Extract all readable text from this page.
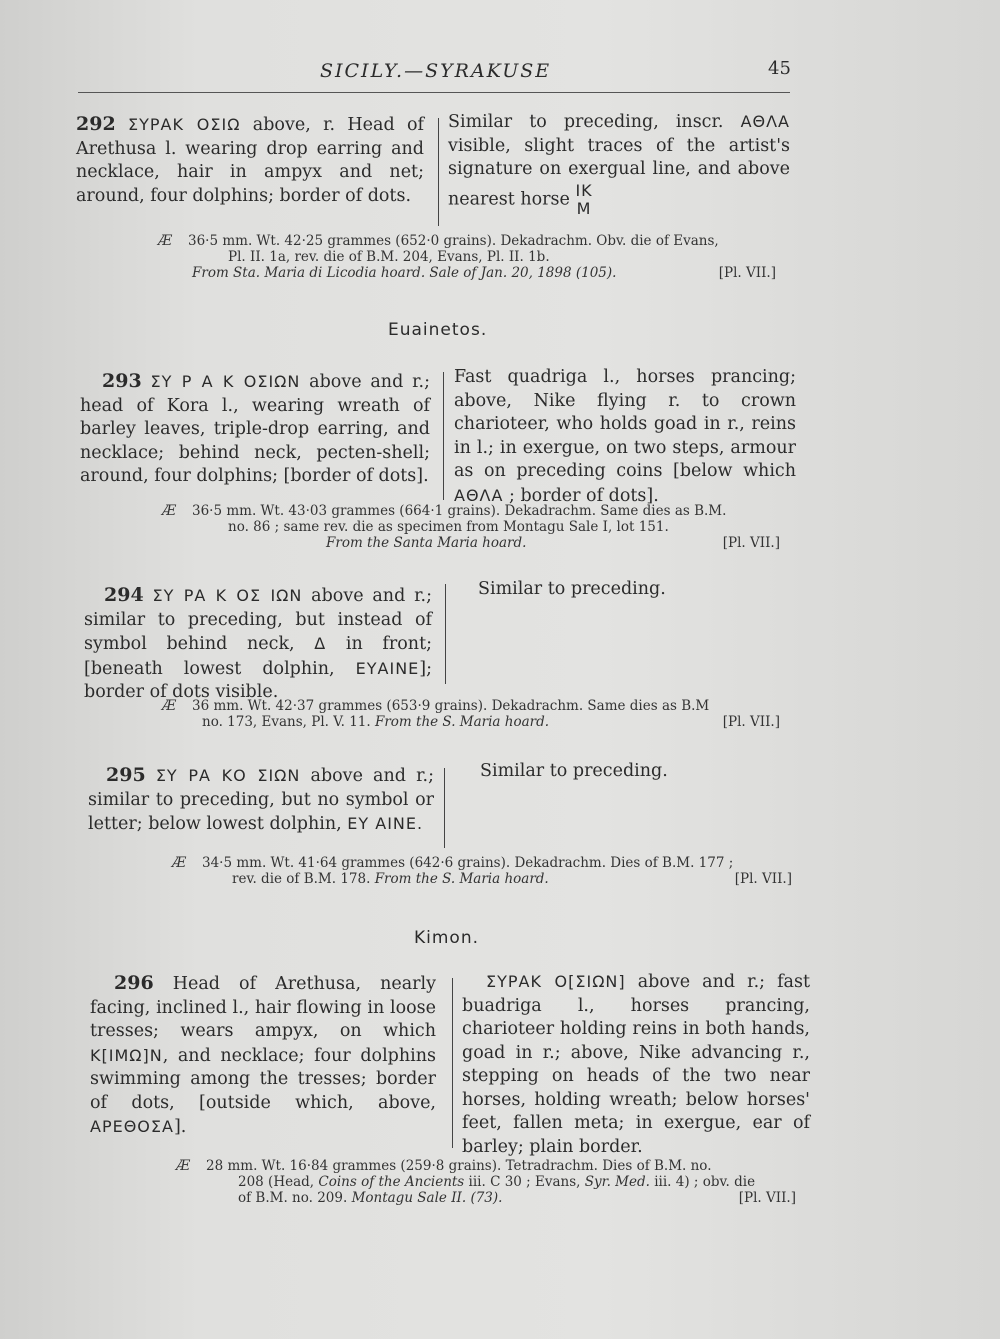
SICILY.—SYRAKUSE	45
292 ΣΥΡΑΚ ΟΣΙΩ above, r. Head of Arethusa l. wearing drop earring and necklace, hair in ampyx and net; around, four dolphins; border of dots.
Similar to preceding, inscr. ΑΘΛΑ visible, slight traces of the artist's signature on exergual line, and above nearest horse IK
M
Æ 36·5 mm. Wt. 42·25 grammes (652·0 grains). Dekadrachm. Obv. die of Evans,
Pl. II. 1a, rev. die of B.M. 204, Evans, Pl. II. 1b.
From Sta. Maria di Licodia hoard. Sale of Jan. 20, 1898 (105).	[Pl. VII.]
Euainetos.
293 ΣΥ Ρ Α Κ ΟΣΙΩΝ above and r.; head of Kora l., wearing wreath of barley leaves, triple-drop earring, and necklace; behind neck, pecten-shell; around, four dolphins; [border of dots].
Fast quadriga l., horses prancing; above, Nike flying r. to crown charioteer, who holds goad in r., reins in l.; in exergue, on two steps, armour as on preceding coins [below which ΑΘΛΑ ; border of dots].
Æ 36·5 mm. Wt. 43·03 grammes (664·1 grains). Dekadrachm. Same dies as B.M.
no. 86 ; same rev. die as specimen from Montagu Sale I, lot 151.
From the Santa Maria hoard.	[Pl. VII.]
294 ΣΥ ΡΑ Κ ΟΣ ΙΩΝ above and r.; similar to preceding, but instead of symbol behind neck, Δ in front; [beneath lowest dolphin, ΕΥΑΙΝΕ]; border of dots visible.
Similar to preceding.
Æ 36 mm. Wt. 42·37 grammes (653·9 grains). Dekadrachm. Same dies as B.M
no. 173, Evans, Pl. V. 11. From the S. Maria hoard.	[Pl. VII.]
295 ΣΥ ΡΑ ΚΟ ΣΙΩΝ above and r.; similar to preceding, but no symbol or letter; below lowest dolphin, ΕΥ ΑΙΝΕ.
Similar to preceding.
Æ 34·5 mm. Wt. 41·64 grammes (642·6 grains). Dekadrachm. Dies of B.M. 177 ;
rev. die of B.M. 178. From the S. Maria hoard.	[Pl. VII.]
Kimon.
296 Head of Arethusa, nearly facing, inclined l., hair flowing in loose tresses; wears ampyx, on which Κ[ΙΜΩ]Ν, and necklace; four dolphins swimming among the tresses; border of dots, [outside which, above, ΑΡΕΘΟΣΑ].
ΣΥΡΑΚ Ο[ΣΙΩΝ] above and r.; fast buadriga l., horses prancing, charioteer holding reins in both hands, goad in r.; above, Nike advancing r., stepping on heads of the two near horses, holding wreath; below horses' feet, fallen meta; in exergue, ear of barley; plain border.
Æ 28 mm. Wt. 16·84 grammes (259·8 grains). Tetradrachm. Dies of B.M. no.
208 (Head, Coins of the Ancients iii. C 30 ; Evans, Syr. Med. iii. 4) ; obv. die
of B.M. no. 209. Montagu Sale II. (73).	[Pl. VII.]
